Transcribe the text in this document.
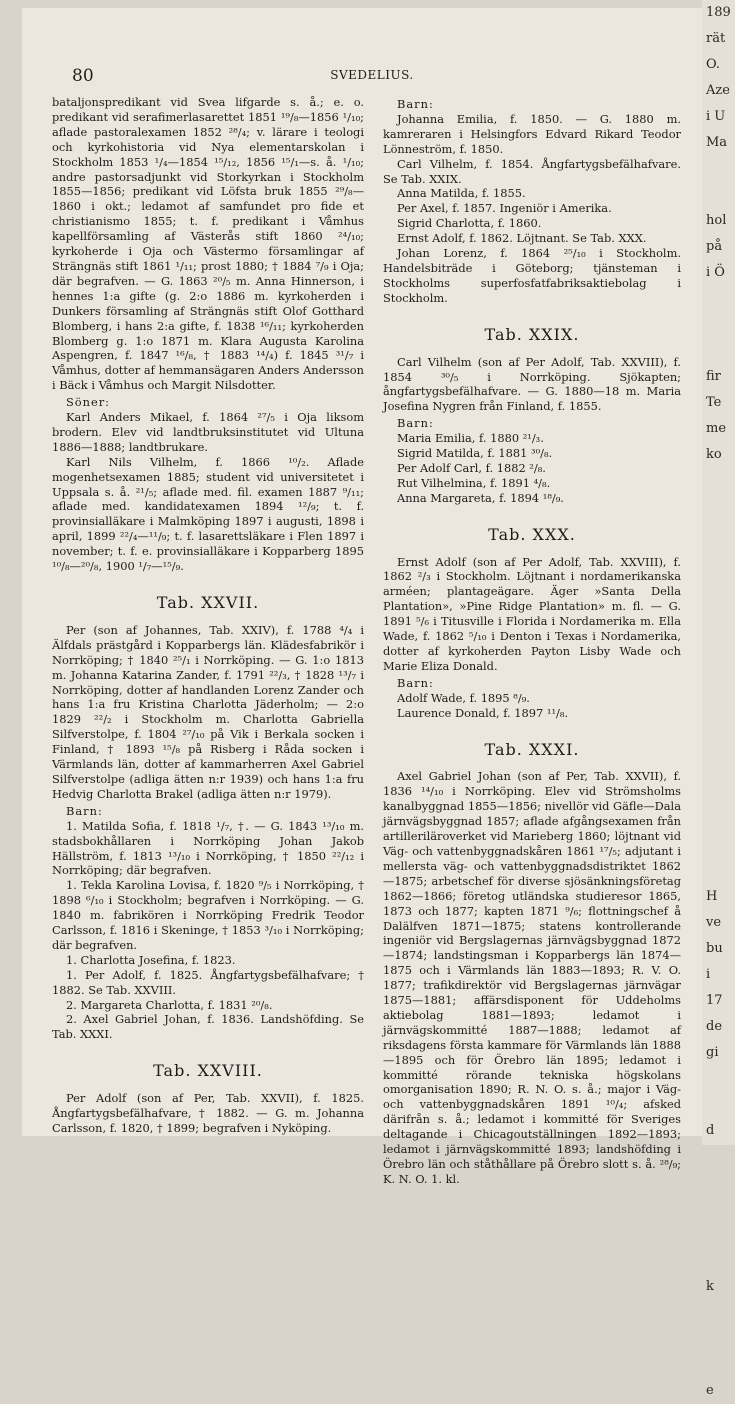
80	SVEDELIUS.

bataljonspredikant vid Svea lifgarde s. å.; e. o. predikant vid serafimerlasarettet 1851 ¹⁹/₈—1856 ¹/₁₀; aflade pastoralexamen 1852 ²⁸/₄; v. lärare i teologi och kyrkohistoria vid Nya elementarskolan i Stockholm 1853 ¹/₄—1854 ¹⁵/₁₂, 1856 ¹⁵/₁—s. å. ¹/₁₀; andre pastorsadjunkt vid Storkyrkan i Stockholm 1855—1856; predikant vid Löfsta bruk 1855 ²⁹/₈—1860 i okt.; ledamot af samfundet pro fide et christianismo 1855; t. f. predikant i Våmhus kapellförsamling af Västerås stift 1860 ²⁴/₁₀; kyrkoherde i Oja och Västermo församlingar af Strängnäs stift 1861 ¹/₁₁; prost 1880; † 1884 ⁷/₉ i Oja; där begrafven. — G. 1863 ²⁰/₅ m. Anna Hinnerson, i hennes 1:a gifte (g. 2:o 1886 m. kyrkoherden i Dunkers församling af Strängnäs stift Olof Gotthard Blomberg, i hans 2:a gifte, f. 1838 ¹⁶/₁₁; kyrkoherden Blomberg g. 1:o 1871 m. Klara Augusta Karolina Aspengren, f. 1847 ¹⁶/₈, † 1883 ¹⁴/₄) f. 1845 ³¹/₇ i Våmhus, dotter af hemmansägaren Anders Andersson i Bäck i Våmhus och Margit Nilsdotter.

Söner:

Karl Anders Mikael, f. 1864 ²⁷/₅ i Oja liksom brodern. Elev vid landtbruksinstitutet vid Ultuna 1886—1888; landtbrukare.

Karl Nils Vilhelm, f. 1866 ¹⁰/₂. Aflade mogenhetsexamen 1885; student vid universitetet i Uppsala s. å. ²¹/₅; aflade med. fil. examen 1887 ⁹/₁₁; aflade med. kandidatexamen 1894 ¹²/₉; t. f. provinsialläkare i Malmköping 1897 i augusti, 1898 i april, 1899 ²²/₄—¹¹/₉; t. f. lasarettsläkare i Flen 1897 i november; t. f. e. provinsialläkare i Kopparberg 1895 ¹⁰/₈—²⁰/₈, 1900 ¹/₇—¹⁵/₉.

Tab. XXVII.

Per (son af Johannes, Tab. XXIV), f. 1788 ⁴/₄ i Älfdals prästgård i Kopparbergs län. Klädesfabrikör i Norrköping; † 1840 ²⁵/₁ i Norrköping. — G. 1:o 1813 m. Johanna Katarina Zander, f. 1791 ²²/₃, † 1828 ¹³/₇ i Norrköping, dotter af handlanden Lorenz Zander och hans 1:a fru Kristina Charlotta Jäderholm; — 2:o 1829 ²²/₂ i Stockholm m. Charlotta Gabriella Silfverstolpe, f. 1804 ²⁷/₁₀ på Vik i Berkala socken i Finland, † 1893 ¹⁵/₈ på Risberg i Råda socken i Värmlands län, dotter af kammarherren Axel Gabriel Silfverstolpe (adliga ätten n:r 1939) och hans 1:a fru Hedvig Charlotta Brakel (adliga ätten n:r 1979).

Barn:

1. Matilda Sofia, f. 1818 ¹/₇, †. — G. 1843 ¹³/₁₀ m. stadsbokhållaren i Norrköping Johan Jakob Hällström, f. 1813 ¹³/₁₀ i Norrköping, † 1850 ²²/₁₂ i Norrköping; där begrafven.

1. Tekla Karolina Lovisa, f. 1820 ⁹/₅ i Norrköping, † 1898 ⁶/₁₀ i Stockholm; begrafven i Norrköping. — G. 1840 m. fabrikören i Norrköping Fredrik Teodor Carlsson, f. 1816 i Skeninge, † 1853 ³/₁₀ i Norrköping; där begrafven.

1. Charlotta Josefina, f. 1823.

1. Per Adolf, f. 1825. Ångfartygsbefälhafvare; † 1882. Se Tab. XXVIII.

2. Margareta Charlotta, f. 1831 ²⁰/₈.

2. Axel Gabriel Johan, f. 1836. Landshöfding. Se Tab. XXXI.

Tab. XXVIII.

Per Adolf (son af Per, Tab. XXVII), f. 1825. Ångfartygsbefälhafvare, † 1882. — G. m. Johanna Carlsson, f. 1820, † 1899; begrafven i Nyköping.

Barn:

Johanna Emilia, f. 1850. — G. 1880 m. kamreraren i Helsingfors Edvard Rikard Teodor Lönneström, f. 1850.

Carl Vilhelm, f. 1854. Ångfartygsbefälhafvare. Se Tab. XXIX.

Anna Matilda, f. 1855.

Per Axel, f. 1857. Ingeniör i Amerika.

Sigrid Charlotta, f. 1860.

Ernst Adolf, f. 1862. Löjtnant. Se Tab. XXX.

Johan Lorenz, f. 1864 ²⁵/₁₀ i Stockholm. Handelsbiträde i Göteborg; tjänsteman i Stockholms superfosfatfabriksaktiebolag i Stockholm.

Tab. XXIX.

Carl Vilhelm (son af Per Adolf, Tab. XXVIII), f. 1854 ³⁰/₅ i Norrköping. Sjökapten; ångfartygsbefälhafvare. — G. 1880—18 m. Maria Josefina Nygren från Finland, f. 1855.

Barn:

Maria Emilia, f. 1880 ²¹/₃.

Sigrid Matilda, f. 1881 ³⁰/₈.

Per Adolf Carl, f. 1882 ²/₈.

Rut Vilhelmina, f. 1891 ⁴/₈.

Anna Margareta, f. 1894 ¹⁸/₉.

Tab. XXX.

Ernst Adolf (son af Per Adolf, Tab. XXVIII), f. 1862 ²/₃ i Stockholm. Löjtnant i nordamerikanska arméen; plantageägare. Äger »Santa Della Plantation», »Pine Ridge Plantation» m. fl. — G. 1891 ⁵/₆ i Titusville i Florida i Nordamerika m. Ella Wade, f. 1862 ⁵/₁₀ i Denton i Texas i Nordamerika, dotter af kyrkoherden Payton Lisby Wade och Marie Eliza Donald.

Barn:

Adolf Wade, f. 1895 ⁸/₉.

Laurence Donald, f. 1897 ¹¹/₈.

Tab. XXXI.

Axel Gabriel Johan (son af Per, Tab. XXVII), f. 1836 ¹⁴/₁₀ i Norrköping. Elev vid Strömsholms kanalbyggnad 1855—1856; nivellör vid Gäfle—Dala järnvägsbyggnad 1857; aflade afgångsexamen från artilleriläroverket vid Marieberg 1860; löjtnant vid Väg- och vattenbyggnadskåren 1861 ¹⁷/₅; adjutant i mellersta väg- och vattenbyggnadsdistriktet 1862—1875; arbetschef för diverse sjösänkningsföretag 1862—1866; företog utländska studieresor 1865, 1873 och 1877; kapten 1871 ⁹/₆; flottningschef å Dalälfven 1871—1875; statens kontrollerande ingeniör vid Bergslagernas järnvägsbyggnad 1872—1874; landstingsman i Kopparbergs län 1874—1875 och i Värmlands län 1883—1893; R. V. O. 1877; trafikdirektör vid Bergslagernas järnvägar 1875—1881; affärsdisponent för Uddeholms aktiebolag 1881—1893; ledamot i järnvägskommitté 1887—1888; ledamot af riksdagens första kammare för Värmlands län 1888—1895 och för Örebro län 1895; ledamot i kommitté rörande tekniska högskolans omorganisation 1890; R. N. O. s. å.; major i Väg- och vattenbyggnadskåren 1891 ¹⁰/₄; afsked därifrån s. å.; ledamot i kommitté för Sveriges deltagande i Chicagoutställningen 1892—1893; ledamot i järnvägskommitté 1893; landshöfding i Örebro län och ståthållare på Örebro slott s. å. ²⁸/₉; K. N. O. 1. kl.

189
rät
O.
Aze
i U
Ma
hol
på
i Ö
fir
Te
me
ko
H
ve
bu
i
17
de
gi
d
k
e
